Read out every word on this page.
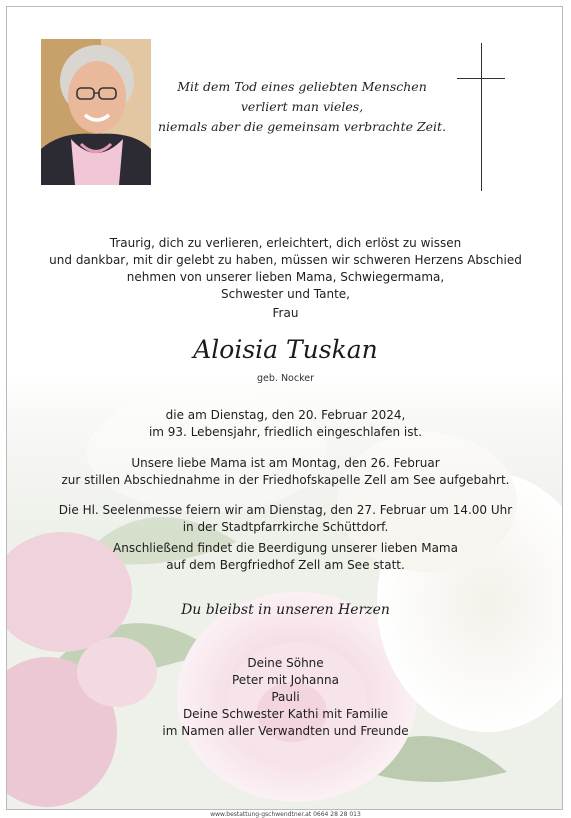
Mit dem Tod eines geliebten Menschen
verliert man vieles,
niemals aber die gemeinsam verbrachte Zeit.
Traurig, dich zu verlieren, erleichtert, dich erlöst zu wissen
und dankbar, mit dir gelebt zu haben, müssen wir schweren Herzens Abschied
nehmen von unserer lieben Mama, Schwiegermama,
Schwester und Tante,
Frau
Aloisia Tuskan
geb. Nocker
die am Dienstag, den 20. Februar 2024,
im 93. Lebensjahr, friedlich eingeschlafen ist.
Unsere liebe Mama ist am Montag, den 26. Februar
zur stillen Abschiednahme in der Friedhofskapelle Zell am See aufgebahrt.
Die Hl. Seelenmesse feiern wir am Dienstag, den 27. Februar um 14.00 Uhr
in der Stadtpfarrkirche Schüttdorf.
Anschließend findet die Beerdigung unserer lieben Mama
auf dem Bergfriedhof Zell am See statt.
Du bleibst in unseren Herzen
Deine Söhne
Peter mit Johanna
Pauli
Deine Schwester Kathi mit Familie
im Namen aller Verwandten und Freunde
www.bestattung-gschwendtner.at 0664 28 28 013
